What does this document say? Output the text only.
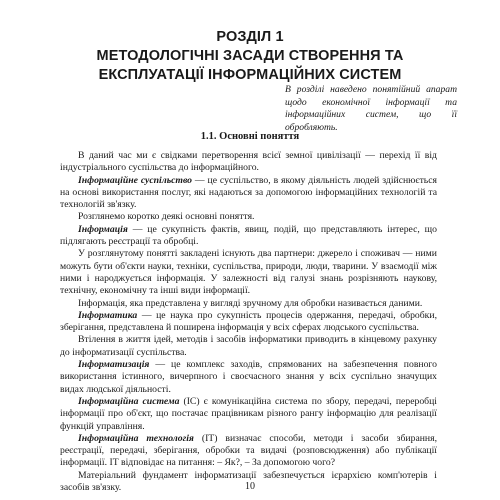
РОЗДІЛ 1
МЕТОДОЛОГІЧНІ ЗАСАДИ СТВОРЕННЯ ТА
ЕКСПЛУАТАЦІЇ ІНФОРМАЦІЙНИХ СИСТЕМ
В розділі наведено понятійний апарат щодо економічної інформації та інформаційних систем, що її обробляють.
1.1. Основні поняття

В даний час ми є свідками перетворення всієї земної цивілізації — перехід її від індустріального суспільства до інформаційного.

Інформаційне суспільство — це суспільство, в якому діяльність людей здійснюється на основі використання послуг, які надаються за допомогою інформаційних технологій та технологій зв'язку.

Розглянемо коротко деякі основні поняття.

Інформація — це сукупність фактів, явищ, подій, що представляють інтерес, що підлягають реєстрації та обробці.

У розглянутому понятті закладені існують два партнери: джерело і споживач — ними можуть бути об'єкти науки, техніки, суспільства, природи, люди, тварини. У взаємодії між ними і народжується інформація. У залежності від галузі знань розрізняють наукову, технічну, економічну та інші види інформації.

Інформація, яка представлена у вигляді зручному для обробки називається даними.

Інформатика — це наука про сукупність процесів одержання, передачі, обробки, зберігання, представлена й поширена інформація у всіх сферах людського суспільства.

Втілення в життя ідей, методів і засобів інформатики приводить в кінцевому рахунку до інформатизації суспільства.

Інформатизація — це комплекс заходів, спрямованих на забезпечення повного використання істинного, вичерпного і своєчасного знання у всіх суспільно значущих видах людської діяльності.

Інформаційна система (ІС) є комунікаційна система по збору, передачі, переробці інформації про об'єкт, що постачає працівникам різного рангу інформацію для реалізації функцій управління.

Інформаційна технологія (ІТ) визначає способи, методи і засоби збирання, реєстрації, передачі, зберігання, обробки та видачі (розповсюдження) або публікації інформації. ІТ відповідає на питання: – Як?, – За допомогою чого?

Матеріальний фундамент інформатизації забезпечується ієрархією комп'ютерів і засобів зв'язку.	10
